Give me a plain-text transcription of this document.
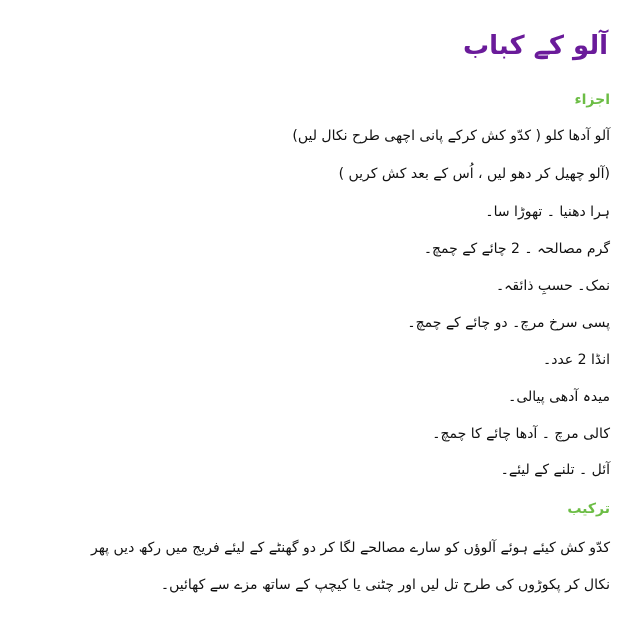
آلو کے کباب
اجزاء

آلو آدھا کلو ( کدّو کش کرکے پانی اچھی طرح نکال لیں)

(آلو چھیل کر دھو لیں ، اُس کے بعد کش کریں )

ہرا دھنیا ۔ تھوڑا سا۔

گرم مصالحہ ۔ 2 چائے کے چمچ۔

نمک۔ حسبِ ذائقہ۔

پسی سرخ مرچ۔ دو چائے کے چمچ۔

انڈا 2 عدد۔

میدہ آدھی پیالی۔

کالی مرچ ۔ آدھا چائے کا چمچ۔

آئل ۔ تلنے کے لیئے۔

ترکیب

کدّو کش کیئے ہوئے آلوؤں کو سارے مصالحے لگا کر دو گھنٹے کے لیئے فریج میں رکھ دیں پھر

نکال کر پکوڑوں کی طرح تل لیں اور چٹنی یا کیچپ کے ساتھ مزے سے کھائیں۔
